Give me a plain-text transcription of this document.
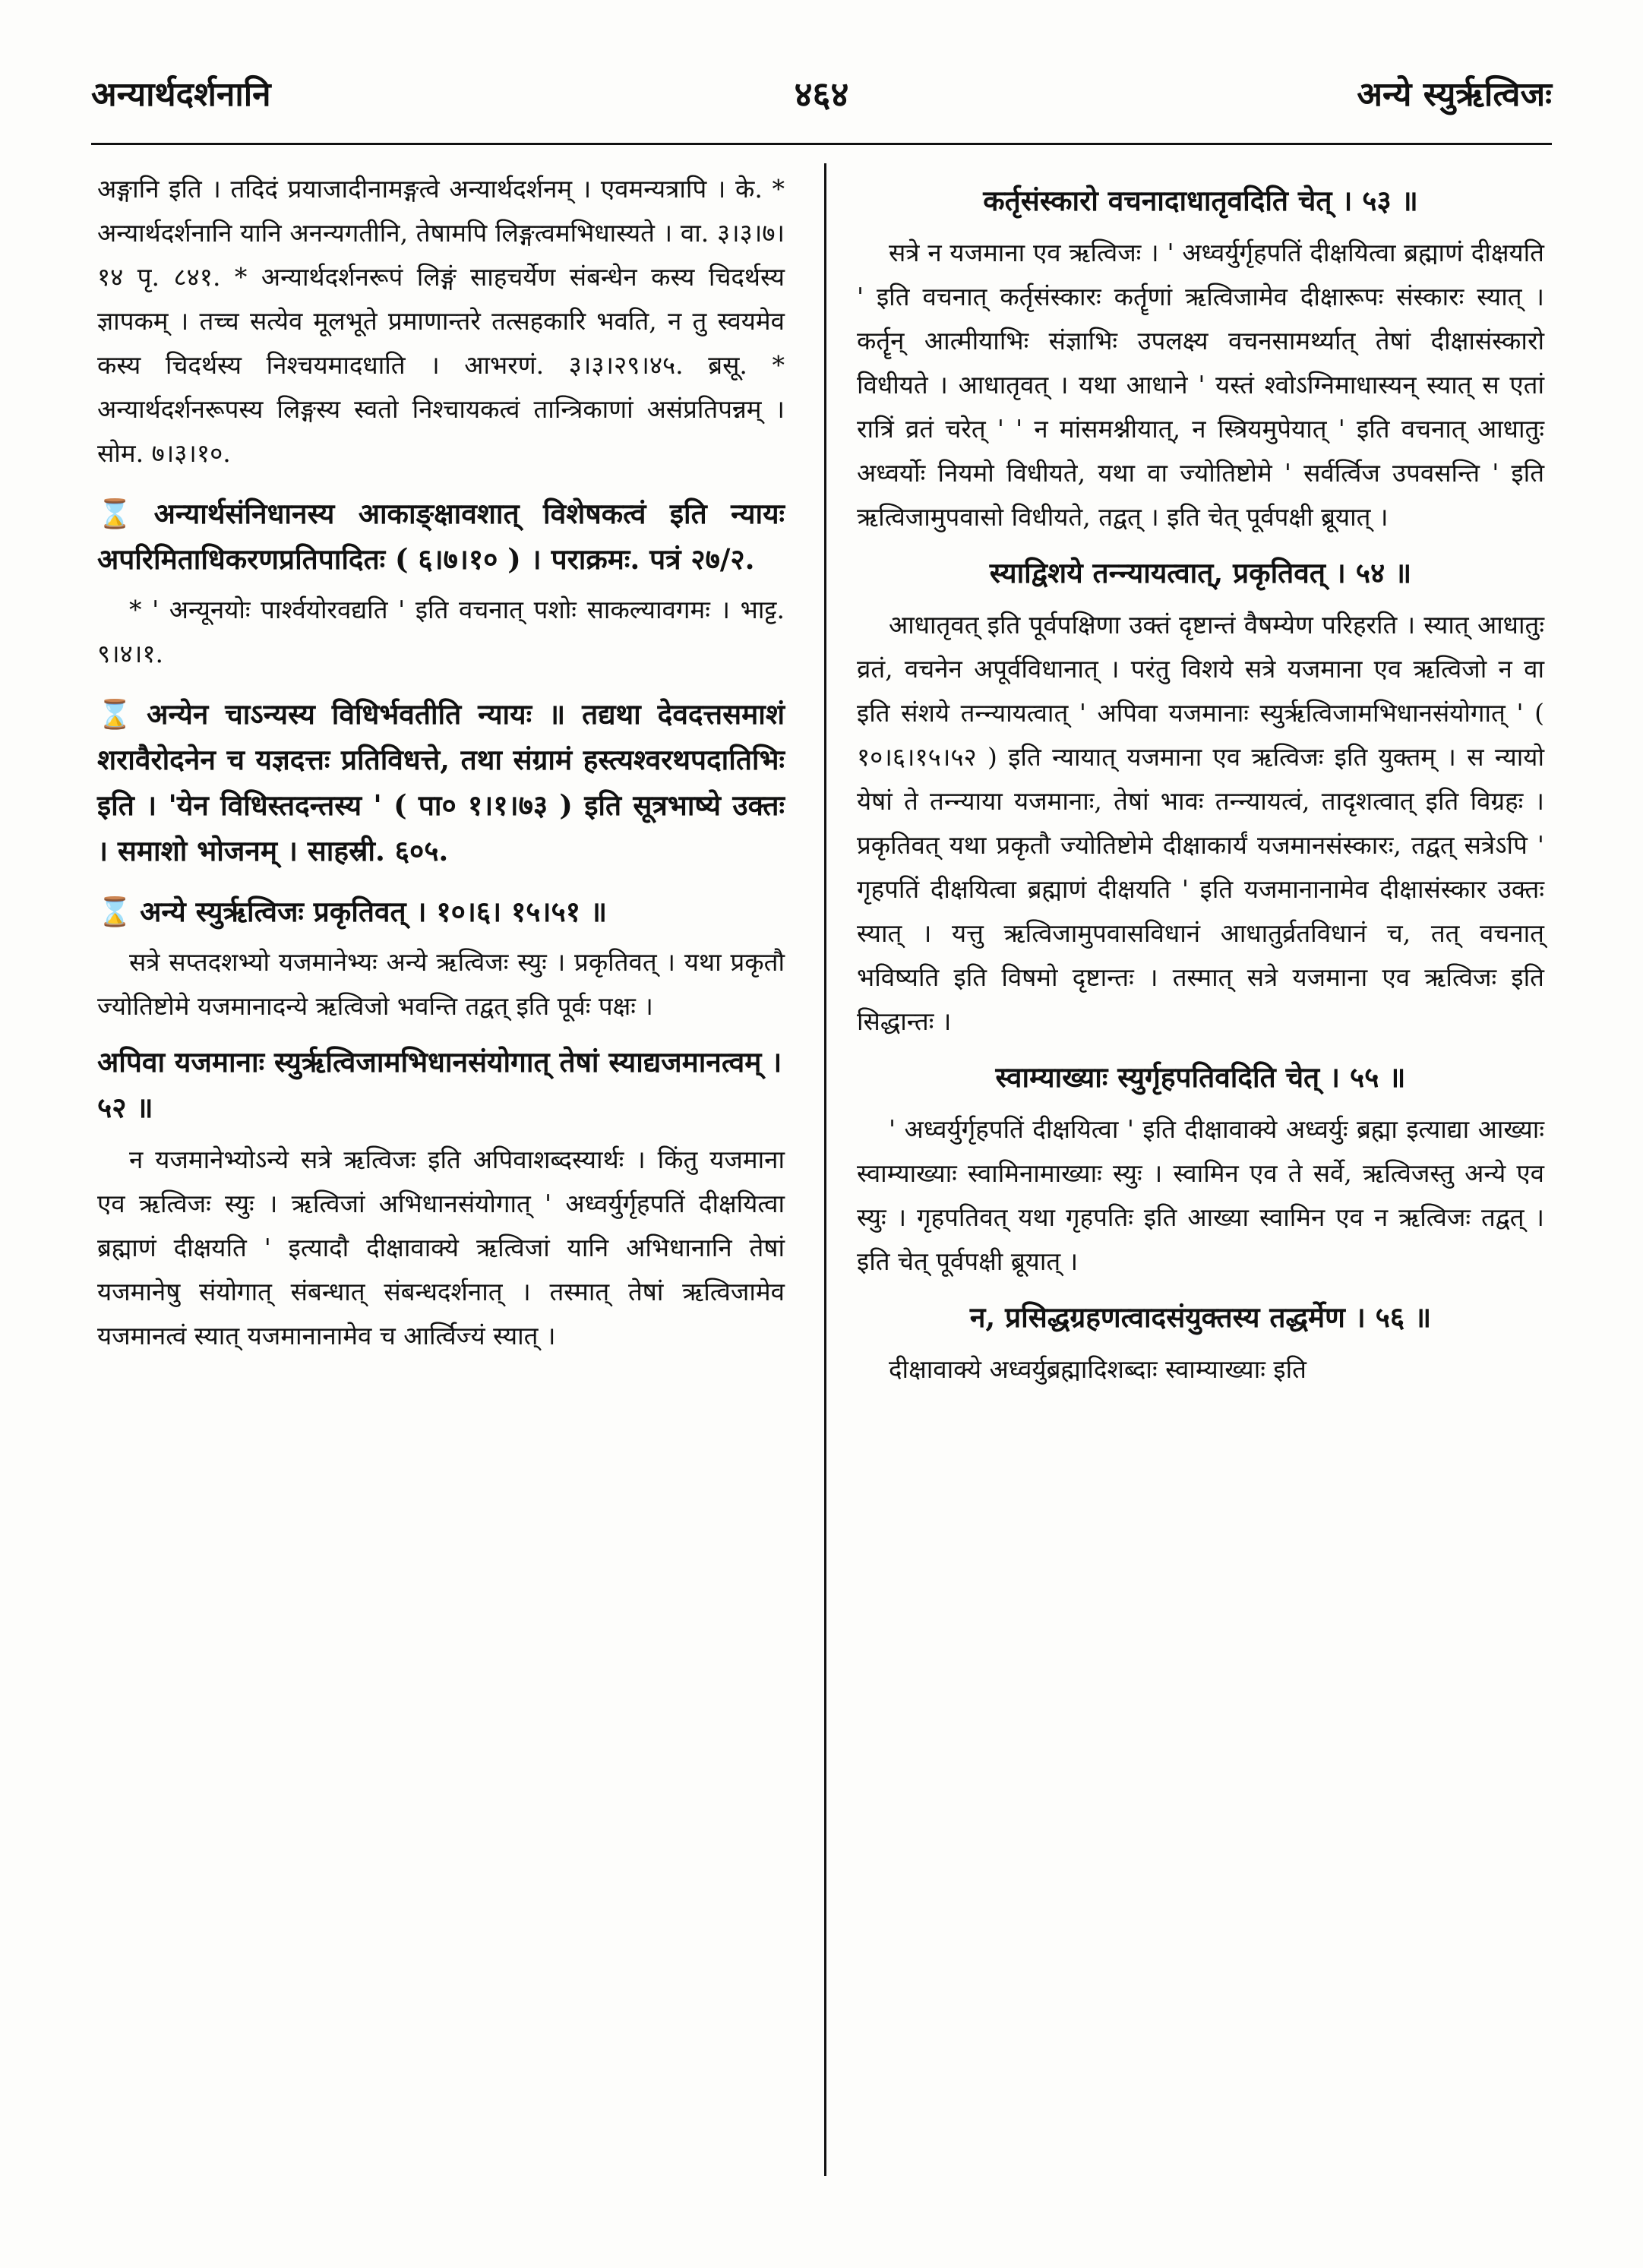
अन्यार्थदर्शनानि	४६४	अन्ये स्युर्ऋत्विजः

अङ्गानि इति । तदिदं प्रयाजादीनामङ्गत्वे अन्यार्थदर्शनम् । एवमन्यत्रापि । के. * अन्यार्थदर्शनानि यानि अनन्यगतीनि, तेषामपि लिङ्गत्वमभिधास्यते । वा. ३।३।७।१४ पृ. ८४१. * अन्यार्थदर्शनरूपं लिङ्गं साहचर्येण संबन्धेन कस्य चिदर्थस्य ज्ञापकम् । तच्च सत्येव मूलभूते प्रमाणान्तरे तत्सहकारि भवति, न तु स्वयमेव कस्य चिदर्थस्य निश्चयमादधाति । आभरणं. ३।३।२९।४५. ब्रसू. * अन्यार्थदर्शनरूपस्य लिङ्गस्य स्वतो निश्चायकत्वं तान्त्रिकाणां असंप्रतिपन्नम् । सोम. ७।३।१०.

⌛ अन्यार्थसंनिधानस्य आकाङ्क्षावशात् विशेषकत्वं इति न्यायः अपरिमिताधिकरणप्रतिपादितः ( ६।७।१० ) । पराक्रमः. पत्रं २७/२.

* ' अन्यूनयोः पार्श्वयोरवद्यति ' इति वचनात् पशोः साकल्यावगमः । भाट्ट. ९।४।१.

⌛ अन्येन चाऽन्यस्य विधिर्भवतीति न्यायः ॥ तद्यथा देवदत्तसमाशं शरावैरोदनेन च यज्ञदत्तः प्रतिविधत्ते, तथा संग्रामं हस्त्यश्वरथपदातिभिः इति । 'येन विधिस्तदन्तस्य ' ( पा० १।१।७३ ) इति सूत्रभाष्ये उक्तः । समाशो भोजनम् । साहस्री. ६०५.

⌛ अन्ये स्युर्ऋत्विजः प्रकृतिवत् । १०।६। १५।५१ ॥

सत्रे सप्तदशभ्यो यजमानेभ्यः अन्ये ऋत्विजः स्युः । प्रकृतिवत् । यथा प्रकृतौ ज्योतिष्टोमे यजमानादन्ये ऋत्विजो भवन्ति तद्वत् इति पूर्वः पक्षः ।

अपिवा यजमानाः स्युर्ऋत्विजामभिधानसंयोगात् तेषां स्याद्यजमानत्वम् । ५२ ॥

न यजमानेभ्योऽन्ये सत्रे ऋत्विजः इति अपिवाशब्दस्यार्थः । किंतु यजमाना एव ऋत्विजः स्युः । ऋत्विजां अभिधानसंयोगात् ' अध्वर्युर्गृहपतिं दीक्षयित्वा ब्रह्माणं दीक्षयति ' इत्यादौ दीक्षावाक्ये ऋत्विजां यानि अभिधानानि तेषां यजमानेषु संयोगात् संबन्धात् संबन्धदर्शनात् । तस्मात् तेषां ऋत्विजामेव यजमानत्वं स्यात् यजमानानामेव च आर्त्विज्यं स्यात् ।

कर्तृसंस्कारो वचनादाधातृवदिति चेत् । ५३ ॥

सत्रे न यजमाना एव ऋत्विजः । ' अध्वर्युर्गृहपतिं दीक्षयित्वा ब्रह्माणं दीक्षयति ' इति वचनात् कर्तृसंस्कारः कर्तॄणां ऋत्विजामेव दीक्षारूपः संस्कारः स्यात् । कर्तॄन् आत्मीयाभिः संज्ञाभिः उपलक्ष्य वचनसामर्थ्यात् तेषां दीक्षासंस्कारो विधीयते । आधातृवत् । यथा आधाने ' यस्तं श्वोऽग्निमाधास्यन् स्यात् स एतां रात्रिं व्रतं चरेत् ' ' न मांसमश्नीयात्, न स्त्रियमुपेयात् ' इति वचनात् आधातुः अध्वर्योः नियमो विधीयते, यथा वा ज्योतिष्टोमे ' सर्वर्त्विज उपवसन्ति ' इति ऋत्विजामुपवासो विधीयते, तद्वत् । इति चेत् पूर्वपक्षी ब्रूयात् ।

स्याद्विशये तन्न्यायत्वात्, प्रकृतिवत् । ५४ ॥

आधातृवत् इति पूर्वपक्षिणा उक्तं दृष्टान्तं वैषम्येण परिहरति । स्यात् आधातुः व्रतं, वचनेन अपूर्वविधानात् । परंतु विशये सत्रे यजमाना एव ऋत्विजो न वा इति संशये तन्न्यायत्वात् ' अपिवा यजमानाः स्युर्ऋत्विजामभिधानसंयोगात् ' ( १०।६।१५।५२ ) इति न्यायात् यजमाना एव ऋत्विजः इति युक्तम् । स न्यायो येषां ते तन्न्याया यजमानाः, तेषां भावः तन्न्यायत्वं, तादृशत्वात् इति विग्रहः । प्रकृतिवत् यथा प्रकृतौ ज्योतिष्टोमे दीक्षाकार्यं यजमानसंस्कारः, तद्वत् सत्रेऽपि ' गृहपतिं दीक्षयित्वा ब्रह्माणं दीक्षयति ' इति यजमानानामेव दीक्षासंस्कार उक्तः स्यात् । यत्तु ऋत्विजामुपवासविधानं आधातुर्व्रतविधानं च, तत् वचनात् भविष्यति इति विषमो दृष्टान्तः । तस्मात् सत्रे यजमाना एव ऋत्विजः इति सिद्धान्तः ।

स्वाम्याख्याः स्युर्गृहपतिवदिति चेत् । ५५ ॥

' अध्वर्युर्गृहपतिं दीक्षयित्वा ' इति दीक्षावाक्ये अध्वर्युः ब्रह्मा इत्याद्या आख्याः स्वाम्याख्याः स्वामिनामाख्याः स्युः । स्वामिन एव ते सर्वे, ऋत्विजस्तु अन्ये एव स्युः । गृहपतिवत् यथा गृहपतिः इति आख्या स्वामिन एव न ऋत्विजः तद्वत् । इति चेत् पूर्वपक्षी ब्रूयात् ।

न, प्रसिद्धग्रहणत्वादसंयुक्तस्य तद्धर्मेण । ५६ ॥

दीक्षावाक्ये अध्वर्युब्रह्मादिशब्दाः स्वाम्याख्याः इति
